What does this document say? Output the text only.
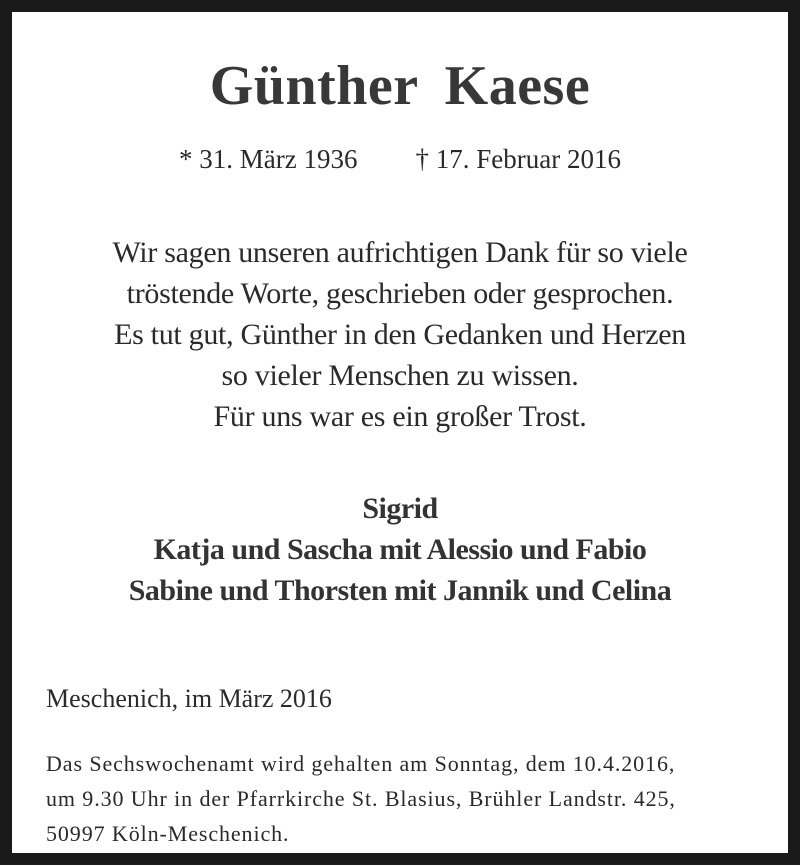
Günther Kaese
* 31. März 1936 † 17. Februar 2016
Wir sagen unseren aufrichtigen Dank für so viele
tröstende Worte, geschrieben oder gesprochen.
Es tut gut, Günther in den Gedanken und Herzen
so vieler Menschen zu wissen.
Für uns war es ein großer Trost.
Sigrid
Katja und Sascha mit Alessio und Fabio
Sabine und Thorsten mit Jannik und Celina
Meschenich, im März 2016
Das Sechswochenamt wird gehalten am Sonntag, dem 10.4.2016,
um 9.30 Uhr in der Pfarrkirche St. Blasius, Brühler Landstr. 425,
50997 Köln-Meschenich.
